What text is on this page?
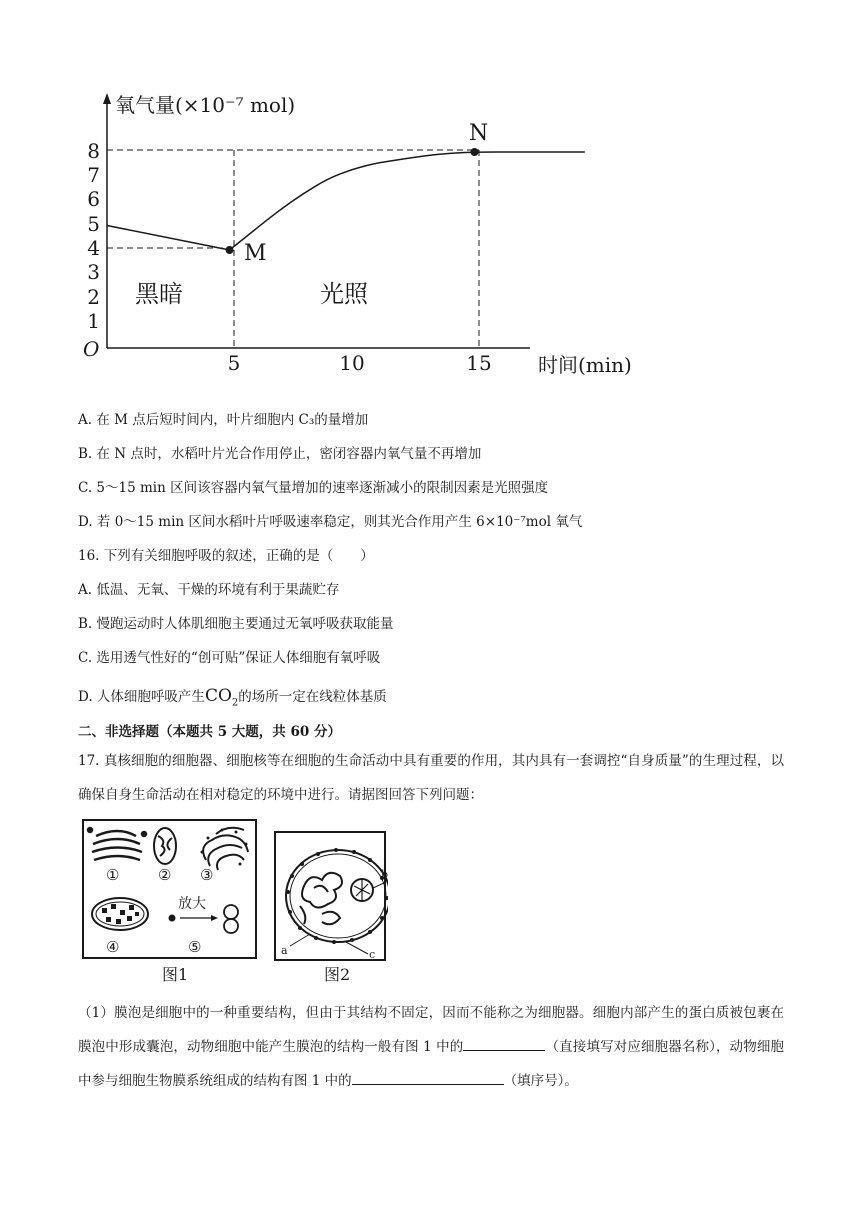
氧气量(×10⁻⁷ mol)
时间(min)
O
1
2
3
4
5
6
7
8
5	10	15
M
N
黑暗	光照
A. 在 M 点后短时间内，叶片细胞内 C₃的量增加
B. 在 N 点时，水稻叶片光合作用停止，密闭容器内氧气量不再增加
C. 5～15 min 区间该容器内氧气量增加的速率逐渐减小的限制因素是光照强度
D. 若 0～15 min 区间水稻叶片呼吸速率稳定，则其光合作用产生 6×10⁻⁷mol 氧气
16. 下列有关细胞呼吸的叙述，正确的是（　　）
A. 低温、无氧、干燥的环境有利于果蔬贮存
B. 慢跑运动时人体肌细胞主要通过无氧呼吸获取能量
C. 选用透气性好的“创可贴”保证人体细胞有氧呼吸
D. 人体细胞呼吸产生$CO_2$的场所一定在线粒体基质
二、非选择题（本题共 5 大题，共 60 分）
17. 真核细胞的细胞器、细胞核等在细胞的生命活动中具有重要的作用，其内具有一套调控“自身质量”的生理过程，以确保自身生命活动在相对稳定的环境中进行。请据图回答下列问题：
①	② ③
放大
④	⑤
图1
b
a	c
图2
（1）膜泡是细胞中的一种重要结构，但由于其结构不固定，因而不能称之为细胞器。细胞内部产生的蛋白质被包裹在膜泡中形成囊泡，动物细胞中能产生膜泡的结构一般有图 1 中的	（直接填写对应细胞器名称），动物细胞中参与细胞生物膜系统组成的结构有图 1 中的	（填序号）。
